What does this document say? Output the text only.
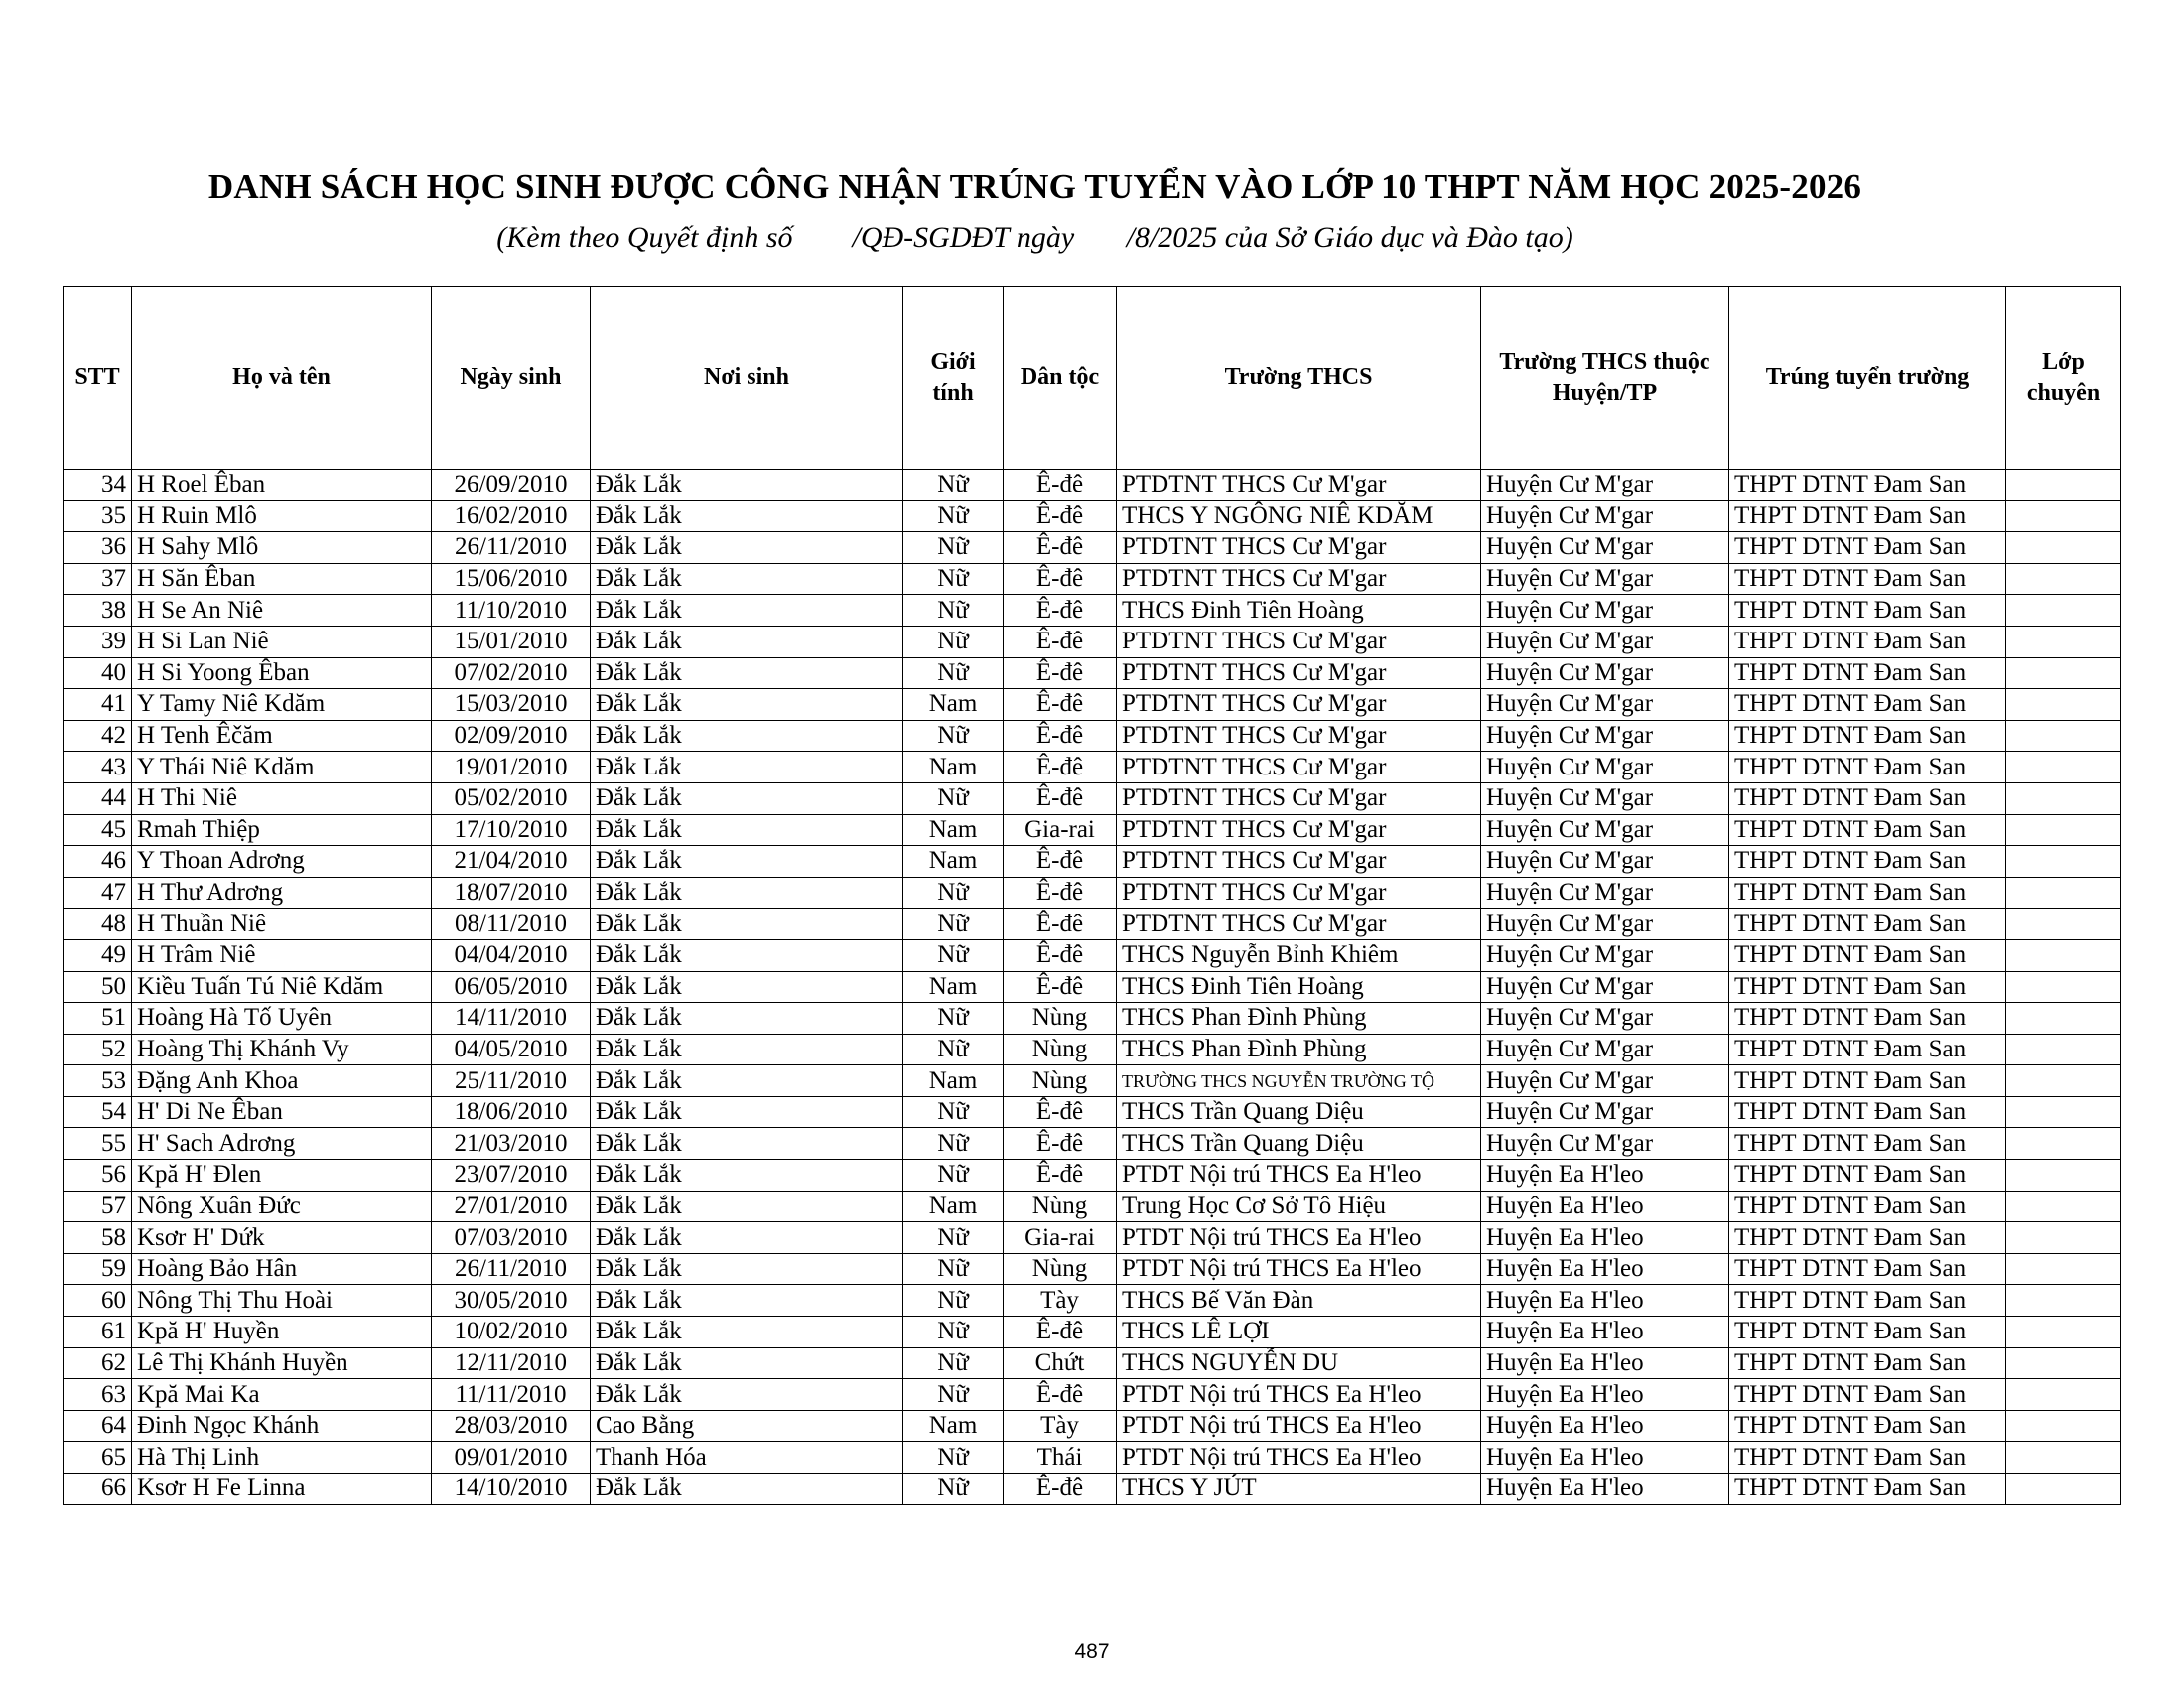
DANH SÁCH HỌC SINH ĐƯỢC CÔNG NHẬN TRÚNG TUYỂN VÀO LỚP 10 THPT NĂM HỌC 2025-2026
(Kèm theo Quyết định số        /QĐ-SGDĐT ngày       /8/2025 của Sở Giáo dục và Đào tạo)
STT	Họ và tên	Ngày sinh	Nơi sinh	Giới tính	Dân tộc	Trường THCS	Trường THCS thuộc Huyện/TP	Trúng tuyển trường	Lớp chuyên
34	H Roel Êban	26/09/2010	Đắk Lắk	Nữ	Ê-đê	PTDTNT THCS Cư M'gar	Huyện Cư M'gar	THPT DTNT Đam San	
35	H Ruin Mlô	16/02/2010	Đắk Lắk	Nữ	Ê-đê	THCS Y NGÔNG NIÊ KDĂM	Huyện Cư M'gar	THPT DTNT Đam San	
36	H Sahy Mlô	26/11/2010	Đắk Lắk	Nữ	Ê-đê	PTDTNT THCS Cư M'gar	Huyện Cư M'gar	THPT DTNT Đam San	
37	H Săn Êban	15/06/2010	Đắk Lắk	Nữ	Ê-đê	PTDTNT THCS Cư M'gar	Huyện Cư M'gar	THPT DTNT Đam San	
38	H Se An Niê	11/10/2010	Đắk Lắk	Nữ	Ê-đê	THCS Đinh Tiên Hoàng	Huyện Cư M'gar	THPT DTNT Đam San	
39	H Si Lan Niê	15/01/2010	Đắk Lắk	Nữ	Ê-đê	PTDTNT THCS Cư M'gar	Huyện Cư M'gar	THPT DTNT Đam San	
40	H Si Yoong Êban	07/02/2010	Đắk Lắk	Nữ	Ê-đê	PTDTNT THCS Cư M'gar	Huyện Cư M'gar	THPT DTNT Đam San	
41	Y Tamy Niê Kdăm	15/03/2010	Đắk Lắk	Nam	Ê-đê	PTDTNT THCS Cư M'gar	Huyện Cư M'gar	THPT DTNT Đam San	
42	H Tenh Êčăm	02/09/2010	Đắk Lắk	Nữ	Ê-đê	PTDTNT THCS Cư M'gar	Huyện Cư M'gar	THPT DTNT Đam San	
43	Y Thái Niê Kdăm	19/01/2010	Đắk Lắk	Nam	Ê-đê	PTDTNT THCS Cư M'gar	Huyện Cư M'gar	THPT DTNT Đam San	
44	H Thi Niê	05/02/2010	Đắk Lắk	Nữ	Ê-đê	PTDTNT THCS Cư M'gar	Huyện Cư M'gar	THPT DTNT Đam San	
45	Rmah Thiệp	17/10/2010	Đắk Lắk	Nam	Gia-rai	PTDTNT THCS Cư M'gar	Huyện Cư M'gar	THPT DTNT Đam San	
46	Y Thoan Adrơng	21/04/2010	Đắk Lắk	Nam	Ê-đê	PTDTNT THCS Cư M'gar	Huyện Cư M'gar	THPT DTNT Đam San	
47	H Thư Adrơng	18/07/2010	Đắk Lắk	Nữ	Ê-đê	PTDTNT THCS Cư M'gar	Huyện Cư M'gar	THPT DTNT Đam San	
48	H Thuần Niê	08/11/2010	Đắk Lắk	Nữ	Ê-đê	PTDTNT THCS Cư M'gar	Huyện Cư M'gar	THPT DTNT Đam San	
49	H Trâm Niê	04/04/2010	Đắk Lắk	Nữ	Ê-đê	THCS Nguyễn Bỉnh Khiêm	Huyện Cư M'gar	THPT DTNT Đam San	
50	Kiều Tuấn Tú Niê Kdăm	06/05/2010	Đắk Lắk	Nam	Ê-đê	THCS Đinh Tiên Hoàng	Huyện Cư M'gar	THPT DTNT Đam San	
51	Hoàng Hà Tố Uyên	14/11/2010	Đắk Lắk	Nữ	Nùng	THCS Phan Đình Phùng	Huyện Cư M'gar	THPT DTNT Đam San	
52	Hoàng Thị Khánh Vy	04/05/2010	Đắk Lắk	Nữ	Nùng	THCS Phan Đình Phùng	Huyện Cư M'gar	THPT DTNT Đam San	
53	Đặng Anh Khoa	25/11/2010	Đắk Lắk	Nam	Nùng	TRƯỜNG THCS NGUYỄN TRƯỜNG TỘ	Huyện Cư M'gar	THPT DTNT Đam San	
54	H' Di Ne Êban	18/06/2010	Đắk Lắk	Nữ	Ê-đê	THCS Trần Quang Diệu	Huyện Cư M'gar	THPT DTNT Đam San	
55	H' Sach Adrơng	21/03/2010	Đắk Lắk	Nữ	Ê-đê	THCS Trần Quang Diệu	Huyện Cư M'gar	THPT DTNT Đam San	
56	Kpă H' Đlen	23/07/2010	Đắk Lắk	Nữ	Ê-đê	PTDT Nội trú THCS Ea H'leo	Huyện Ea H'leo	THPT DTNT Đam San	
57	Nông Xuân Đức	27/01/2010	Đắk Lắk	Nam	Nùng	Trung Học Cơ Sở Tô Hiệu	Huyện Ea H'leo	THPT DTNT Đam San	
58	Ksơr H' Dứk	07/03/2010	Đắk Lắk	Nữ	Gia-rai	PTDT Nội trú THCS Ea H'leo	Huyện Ea H'leo	THPT DTNT Đam San	
59	Hoàng Bảo Hân	26/11/2010	Đắk Lắk	Nữ	Nùng	PTDT Nội trú THCS Ea H'leo	Huyện Ea H'leo	THPT DTNT Đam San	
60	Nông Thị Thu Hoài	30/05/2010	Đắk Lắk	Nữ	Tày	THCS Bế Văn Đàn	Huyện Ea H'leo	THPT DTNT Đam San	
61	Kpă H' Huyền	10/02/2010	Đắk Lắk	Nữ	Ê-đê	THCS LÊ LỢI	Huyện Ea H'leo	THPT DTNT Đam San	
62	Lê Thị Khánh Huyền	12/11/2010	Đắk Lắk	Nữ	Chứt	THCS NGUYỄN DU	Huyện Ea H'leo	THPT DTNT Đam San	
63	Kpă Mai Ka	11/11/2010	Đắk Lắk	Nữ	Ê-đê	PTDT Nội trú THCS Ea H'leo	Huyện Ea H'leo	THPT DTNT Đam San	
64	Đinh Ngọc Khánh	28/03/2010	Cao Bằng	Nam	Tày	PTDT Nội trú THCS Ea H'leo	Huyện Ea H'leo	THPT DTNT Đam San	
65	Hà Thị Linh	09/01/2010	Thanh Hóa	Nữ	Thái	PTDT Nội trú THCS Ea H'leo	Huyện Ea H'leo	THPT DTNT Đam San	
66	Ksơr H Fe Linna	14/10/2010	Đắk Lắk	Nữ	Ê-đê	THCS Y JÚT	Huyện Ea H'leo	THPT DTNT Đam San	
487
